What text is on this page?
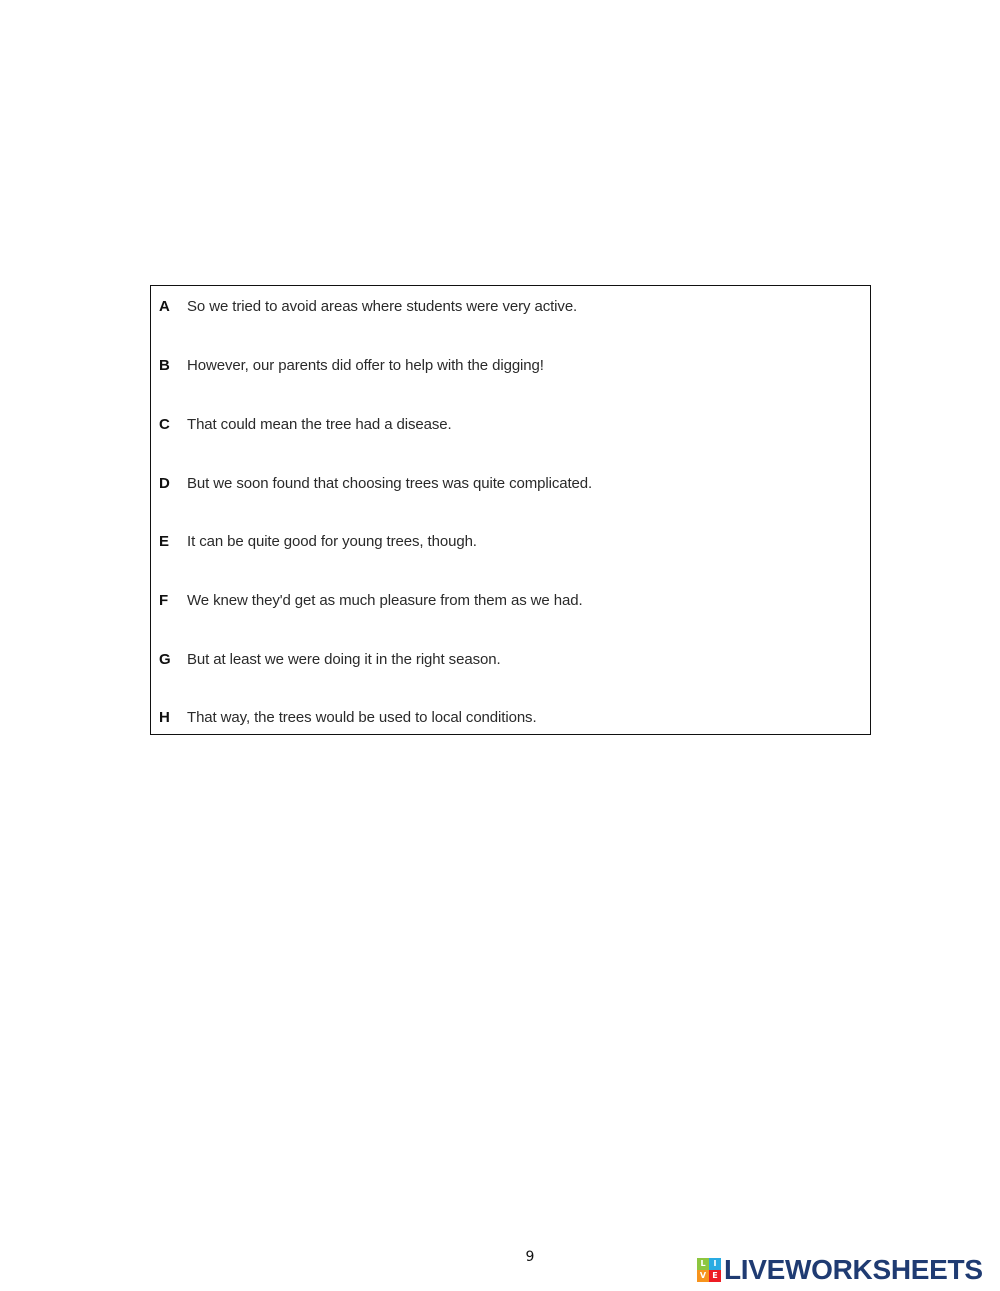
A	So we tried to avoid areas where students were very active.
B	However, our parents did offer to help with the digging!
C	That could mean the tree had a disease.
D	But we soon found that choosing trees was quite complicated.
E	It can be quite good for young trees, though.
F	We knew they'd get as much pleasure from them as we had.
G	But at least we were doing it in the right season.
H	That way, the trees would be used to local conditions.
9	L I
V E LIVEWORKSHEETS
